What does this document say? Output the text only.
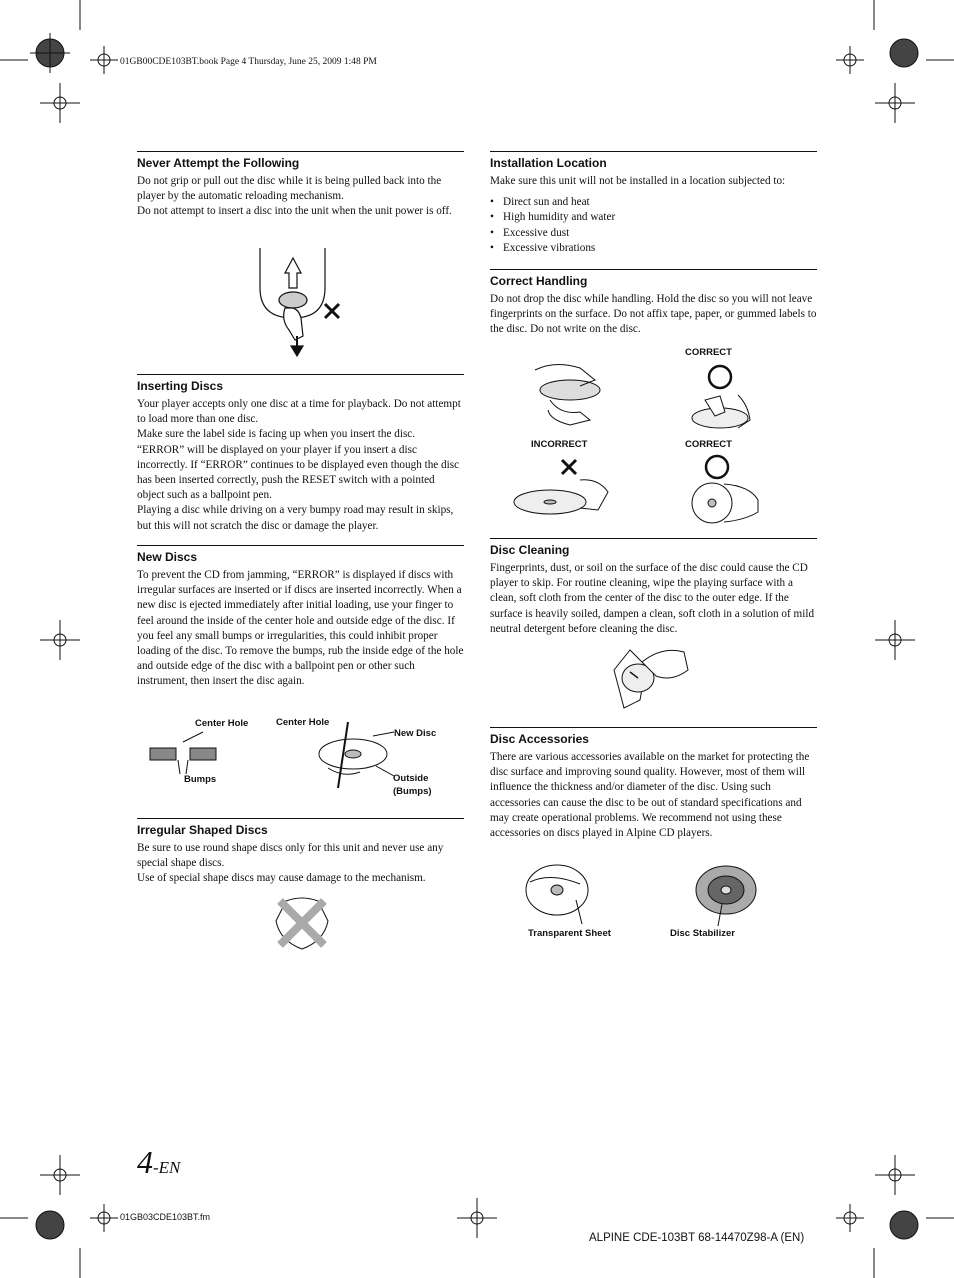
01GB00CDE103BT.book Page 4 Thursday, June 25, 2009 1:48 PM
Never Attempt the Following

Do not grip or pull out the disc while it is being pulled back into the player by the automatic reloading mechanism.
Do not attempt to insert a disc into the unit when the unit power is off.

Inserting Discs

Your player accepts only one disc at a time for playback. Do not attempt to load more than one disc.
Make sure the label side is facing up when you insert the disc. “ERROR” will be displayed on your player if you insert a disc incorrectly. If “ERROR” continues to be displayed even though the disc has been inserted correctly, push the RESET switch with a pointed object such as a ballpoint pen.
Playing a disc while driving on a very bumpy road may result in skips, but this will not scratch the disc or damage the player.

New Discs

To prevent the CD from jamming, “ERROR” is displayed if discs with irregular surfaces are inserted or if discs are inserted incorrectly. When a new disc is ejected immediately after initial loading, use your finger to feel around the inside of the center hole and outside edge of the disc. If you feel any small bumps or irregularities, this could inhibit proper loading of the disc. To remove the bumps, rub the inside edge of the hole and outside edge of the disc with a ballpoint pen or other such instrument, then insert the disc again.

Center Hole	Center Hole
New Disc
Bumps	Outside
(Bumps)
Irregular Shaped Discs

Be sure to use round shape discs only for this unit and never use any special shape discs.
Use of special shape discs may cause damage to the mechanism.

Installation Location

Make sure this unit will not be installed in a location subjected to:

• Direct sun and heat
• High humidity and water
• Excessive dust
• Excessive vibrations
Correct Handling

Do not drop the disc while handling. Hold the disc so you will not leave fingerprints on the surface. Do not affix tape, paper, or gummed labels to the disc. Do not write on the disc.

CORRECT
INCORRECT	CORRECT
Disc Cleaning

Fingerprints, dust, or soil on the surface of the disc could cause the CD player to skip. For routine cleaning, wipe the playing surface with a clean, soft cloth from the center of the disc to the outer edge. If the surface is heavily soiled, dampen a clean, soft cloth in a solution of mild neutral detergent before cleaning the disc.

Disc Accessories

There are various accessories available on the market for protecting the disc surface and improving sound quality. However, most of them will influence the thickness and/or diameter of the disc. Using such accessories can cause the disc to be out of standard specifications and may create operational problems. We recommend not using these accessories on discs played in Alpine CD players.

Transparent Sheet	Disc Stabilizer
4-EN
01GB03CDE103BT.fm
ALPINE CDE-103BT 68-14470Z98-A (EN)
